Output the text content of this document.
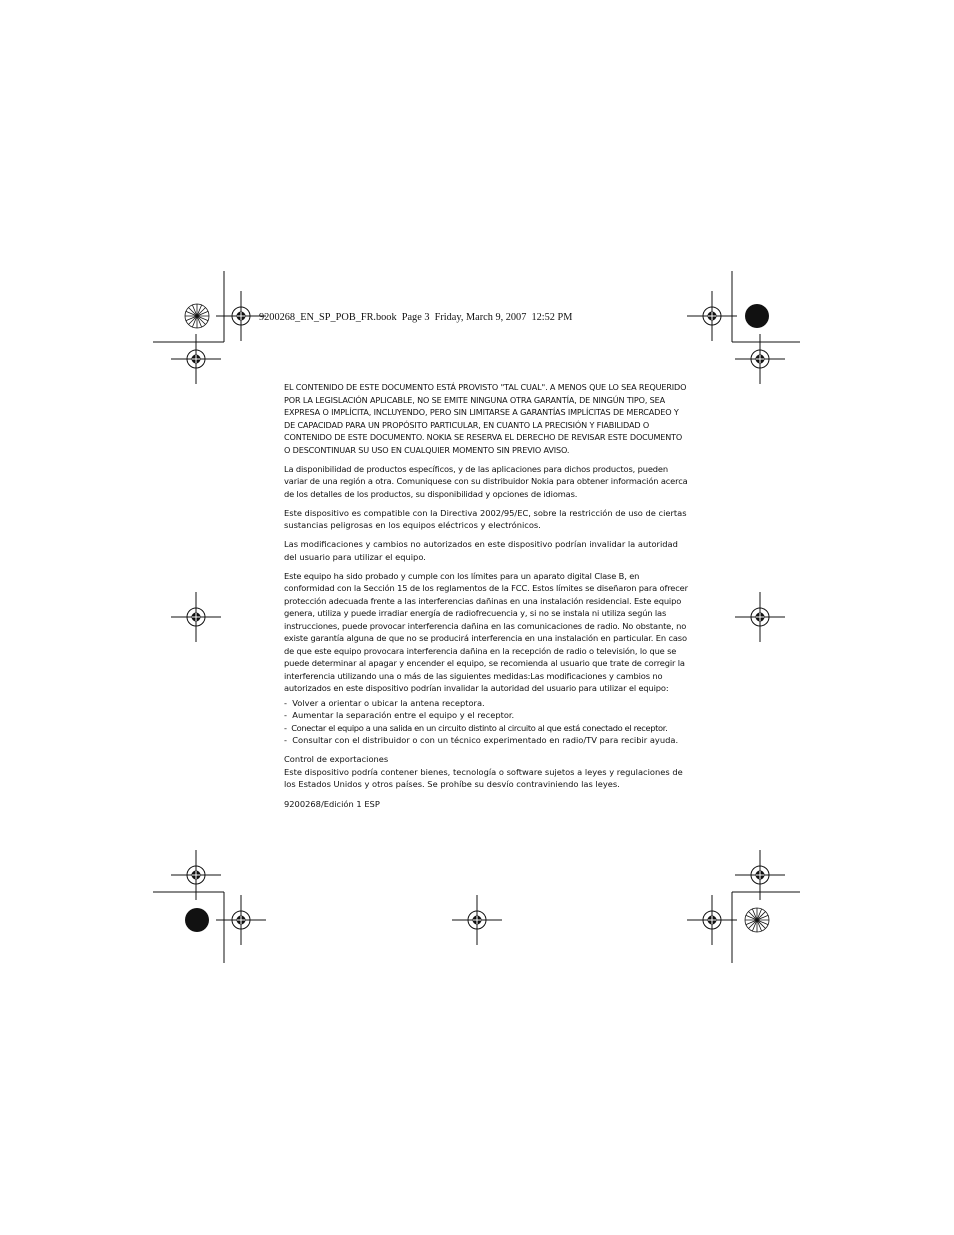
9200268_EN_SP_POB_FR.book  Page 3  Friday, March 9, 2007  12:52 PM

EL CONTENIDO DE ESTE DOCUMENTO ESTÁ PROVISTO "TAL CUAL". A MENOS QUE LO SEA REQUERIDO POR LA LEGISLACIÓN APLICABLE, NO SE EMITE NINGUNA OTRA GARANTÍA, DE NINGÚN TIPO, SEA EXPRESA O IMPLÍCITA, INCLUYENDO, PERO SIN LIMITARSE A GARANTÍAS IMPLÍCITAS DE MERCADEO Y DE CAPACIDAD PARA UN PROPÓSITO PARTICULAR, EN CUANTO LA PRECISIÓN Y FIABILIDAD O CONTENIDO DE ESTE DOCUMENTO. NOKIA SE RESERVA EL DERECHO DE REVISAR ESTE DOCUMENTO O DESCONTINUAR SU USO EN CUALQUIER MOMENTO SIN PREVIO AVISO.

La disponibilidad de productos específicos, y de las aplicaciones para dichos productos, pueden variar de una región a otra. Comuniquese con su distribuidor Nokia para obtener información acerca de los detalles de los productos, su disponibilidad y opciones de idiomas.

Este dispositivo es compatible con la Directiva 2002/95/EC, sobre la restricción de uso de ciertas sustancias peligrosas en los equipos eléctricos y electrónicos.

Las modificaciones y cambios no autorizados en este dispositivo podrían invalidar la autoridad del usuario para utilizar el equipo.

Este equipo ha sido probado y cumple con los límites para un aparato digital Clase B, en conformidad con la Sección 15 de los reglamentos de la FCC. Estos límites se diseñaron para ofrecer protección adecuada frente a las interferencias dañinas en una instalación residencial. Este equipo genera, utiliza y puede irradiar energía de radiofrecuencia y, si no se instala ni utiliza según las instrucciones, puede provocar interferencia dañina en las comunicaciones de radio. No obstante, no existe garantía alguna de que no se producirá interferencia en una instalación en particular. En caso de que este equipo provocara interferencia dañina en la recepción de radio o televisión, lo que se puede determinar al apagar y encender el equipo, se recomienda al usuario que trate de corregir la interferencia utilizando una o más de las siguientes medidas:Las modificaciones y cambios no autorizados en este dispositivo podrían invalidar la autoridad del usuario para utilizar el equipo:

-  Volver a orientar o ubicar la antena receptora.
-  Aumentar la separación entre el equipo y el receptor.
-  Conectar el equipo a una salida en un circuito distinto al circuito al que está conectado el receptor.
-  Consultar con el distribuidor o con un técnico experimentado en radio/TV para recibir ayuda.
Control de exportaciones

Este dispositivo podría contener bienes, tecnología o software sujetos a leyes y regulaciones de los Estados Unidos y otros países. Se prohíbe su desvío contraviniendo las leyes.

9200268/Edición 1 ESP
